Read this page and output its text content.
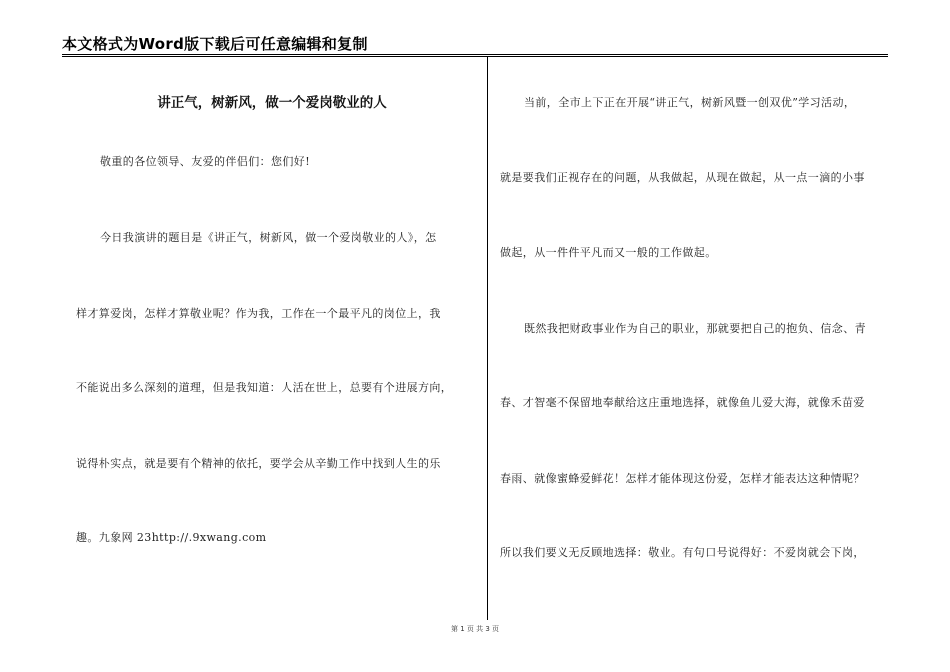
本文格式为Word版下载后可任意编辑和复制
讲正气，树新风，做一个爱岗敬业的人
敬重的各位领导、友爱的伴侣们：您们好!
今日我演讲的题目是《讲正气，树新风，做一个爱岗敬业的人》，怎
样才算爱岗，怎样才算敬业呢？作为我，工作在一个最平凡的岗位上，我
不能说出多么深刻的道理，但是我知道：人活在世上，总要有个进展方向，
说得朴实点，就是要有个精神的依托，要学会从辛勤工作中找到人生的乐
趣。九象网 23http://.9xwang.com
当前，全市上下正在开展“讲正气，树新风暨一创双优”学习活动，
就是要我们正视存在的问题，从我做起，从现在做起，从一点一滴的小事
做起，从一件件平凡而又一般的工作做起。
既然我把财政事业作为自己的职业，那就要把自己的抱负、信念、青
春、才智毫不保留地奉献给这庄重地选择，就像鱼儿爱大海，就像禾苗爱
春雨、就像蜜蜂爱鲜花！怎样才能体现这份爱，怎样才能表达这种情呢？
所以我们要义无反顾地选择：敬业。有句口号说得好：不爱岗就会下岗，
第 1 页 共 3 页
